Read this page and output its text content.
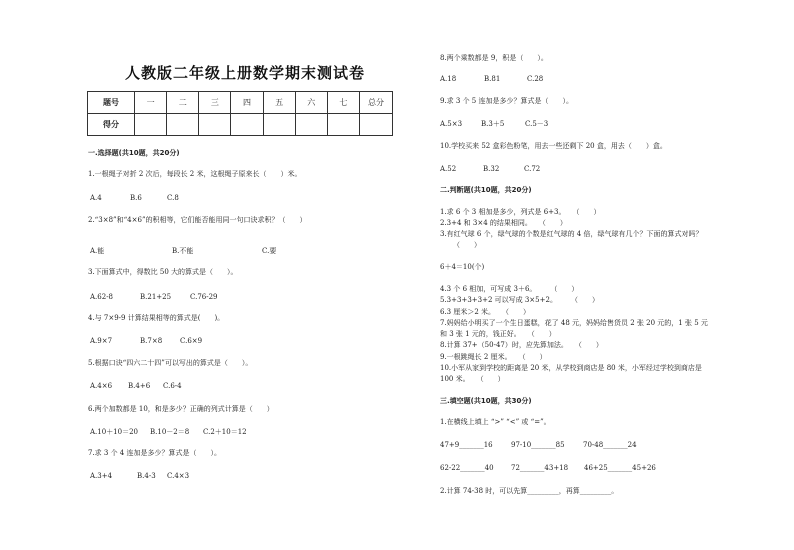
人教版二年级上册数学期末测试卷
题号	一	二	三	四	五	六	七	总分
得分								
一.选择题(共10题，共20分)
1.一根绳子对折 2 次后，每段长 2 米，这根绳子原来长（　　）米。
A.4	B.6	C.8
2.“3×8”和“4×6”的积相等，它们能否能用同一句口诀求积？（　　）
A.能	B.不能	C.要
3.下面算式中，得数比 50 大的算式是（　　）。
A.62-8	B.21+25	C.76-29
4.与 7×9-9 计算结果相等的算式是(　　)。
A.9×7	B.7×8	C.6×9
5.根据口诀“四六二十四”可以写出的算式是（　　）。
A.4×6 B.4+6 C.6-4
6.两个加数都是 10，和是多少？正确的列式计算是（　　）
A.10＋10＝20 B.10－2＝8 C.2＋10＝12
7.求 3 个 4 连加是多少？算式是（　　）。
A.3+4	B.4-3 C.4×3
8.两个乘数都是 9，积是（　　）。
A.18	B.81	C.28
9.求 3 个 5 连加是多少？算式是（　　）。
A.5×3	B.3＋5	C.5－3
10.学校买来 52 盒彩色粉笔，用去一些还剩下 20 盒，用去（　　）盒。
A.52	B.32	C.72
二.判断题(共10题，共20分)
1.求 6 个 3 相加是多少，列式是 6+3。　　（　　）
2.3+4 和 3×4 的结果相同。　　（　　）
3.有红气球 6 个，绿气球的个数是红气球的 4 倍，绿气球有几个？下面的算式对吗？
（　　）
6＋4＝10(个)
4.3 个 6 相加，可写成 3＋6。　　　（　　）
5.3+3+3+3+2 可以写成 3×5+2。　　　（　　）
6.3 厘米＞2 米。　　（　　）
7.妈妈给小明买了一个生日蛋糕，花了 48 元，妈妈给售货员 2 张 20 元的，1 张 5 元
和 3 张 1 元的，钱正好。　　（　　）
8.计算 37+（50-47）时，应先算加法。　　（　　）
9.一根跳绳长 2 厘米。　　（　　）
10.小军从家到学校的距离是 20 米，从学校到商店是 80 米，小军经过学校到商店是
100 米。　　（　　）
三.填空题(共10题，共30分)
1.在横线上填上 “>” “<” 或 “=”。
47+9_______16	97-10_______85	70-48_______24
62-22_______40 72_______43+18 46+25_______45+26
2.计算 74-38 时，可以先算_________，再算_________。
